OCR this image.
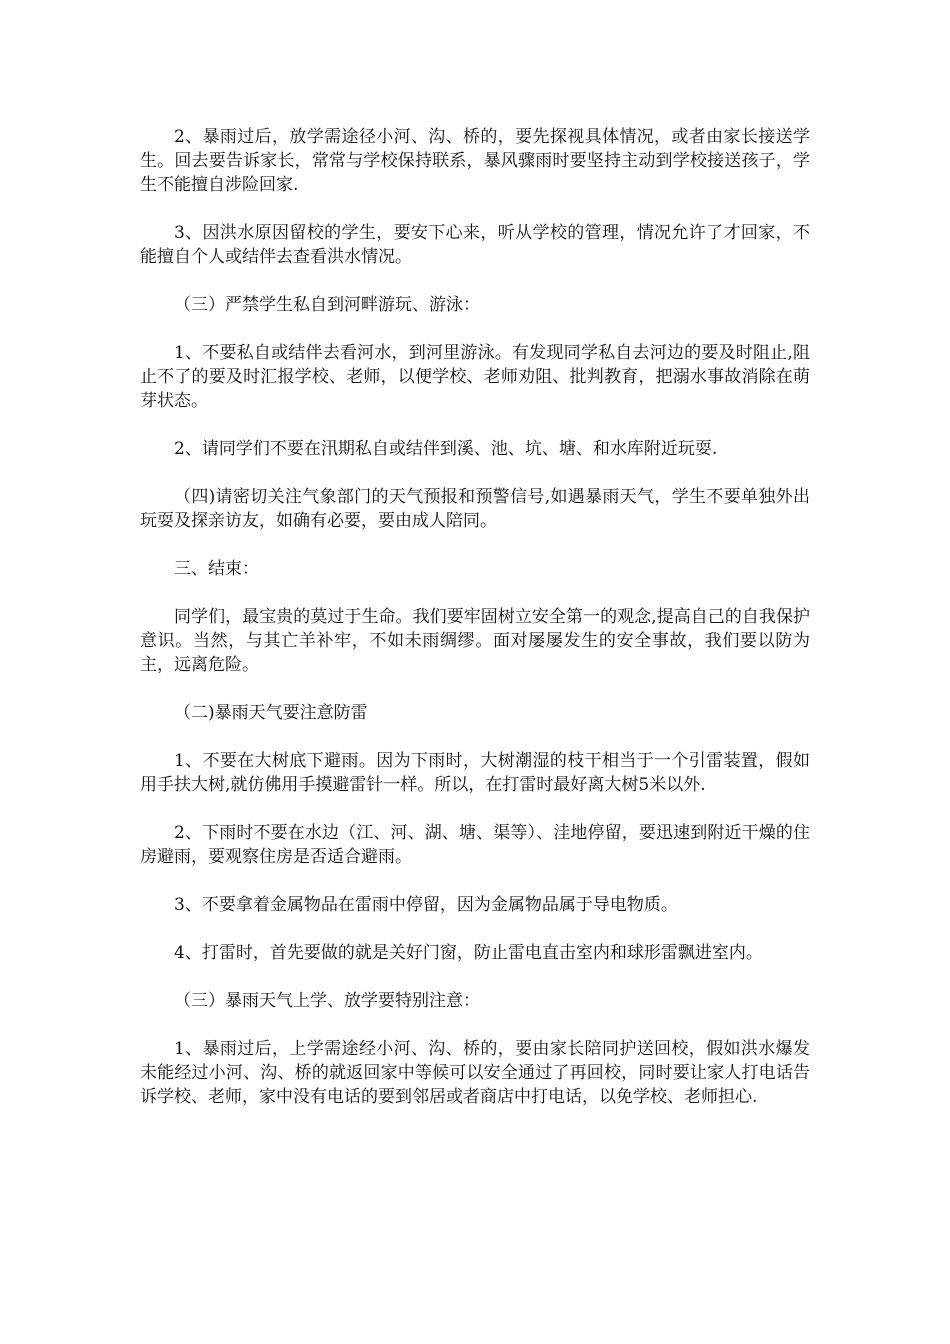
2、暴雨过后，放学需途径小河、沟、桥的，要先探视具体情况，或者由家长接送学生。回去要告诉家长，常常与学校保持联系，暴风骤雨时要坚持主动到学校接送孩子，学生不能擅自涉险回家.

3、因洪水原因留校的学生，要安下心来，听从学校的管理，情况允许了才回家，不能擅自个人或结伴去查看洪水情况。

（三）严禁学生私自到河畔游玩、游泳：

1、不要私自或结伴去看河水，到河里游泳。有发现同学私自去河边的要及时阻止,阻止不了的要及时汇报学校、老师，以便学校、老师劝阻、批判教育，把溺水事故消除在萌芽状态。

2、请同学们不要在汛期私自或结伴到溪、池、坑、塘、和水库附近玩耍.

（四)请密切关注气象部门的天气预报和预警信号,如遇暴雨天气，学生不要单独外出玩耍及探亲访友，如确有必要，要由成人陪同。

三、结束：

同学们，最宝贵的莫过于生命。我们要牢固树立安全第一的观念,提高自己的自我保护意识。当然，与其亡羊补牢，不如未雨绸缪。面对屡屡发生的安全事故，我们要以防为主，远离危险。

（二)暴雨天气要注意防雷

1、不要在大树底下避雨。因为下雨时，大树潮湿的枝干相当于一个引雷装置，假如用手扶大树,就仿佛用手摸避雷针一样。所以，在打雷时最好离大树5米以外.

2、下雨时不要在水边（江、河、湖、塘、渠等）、洼地停留，要迅速到附近干燥的住房避雨，要观察住房是否适合避雨。

3、不要拿着金属物品在雷雨中停留，因为金属物品属于导电物质。

4、打雷时，首先要做的就是关好门窗，防止雷电直击室内和球形雷飘进室内。

（三）暴雨天气上学、放学要特别注意：

1、暴雨过后，上学需途经小河、沟、桥的，要由家长陪同护送回校，假如洪水爆发未能经过小河、沟、桥的就返回家中等候可以安全通过了再回校，同时要让家人打电话告诉学校、老师，家中没有电话的要到邻居或者商店中打电话，以免学校、老师担心.
